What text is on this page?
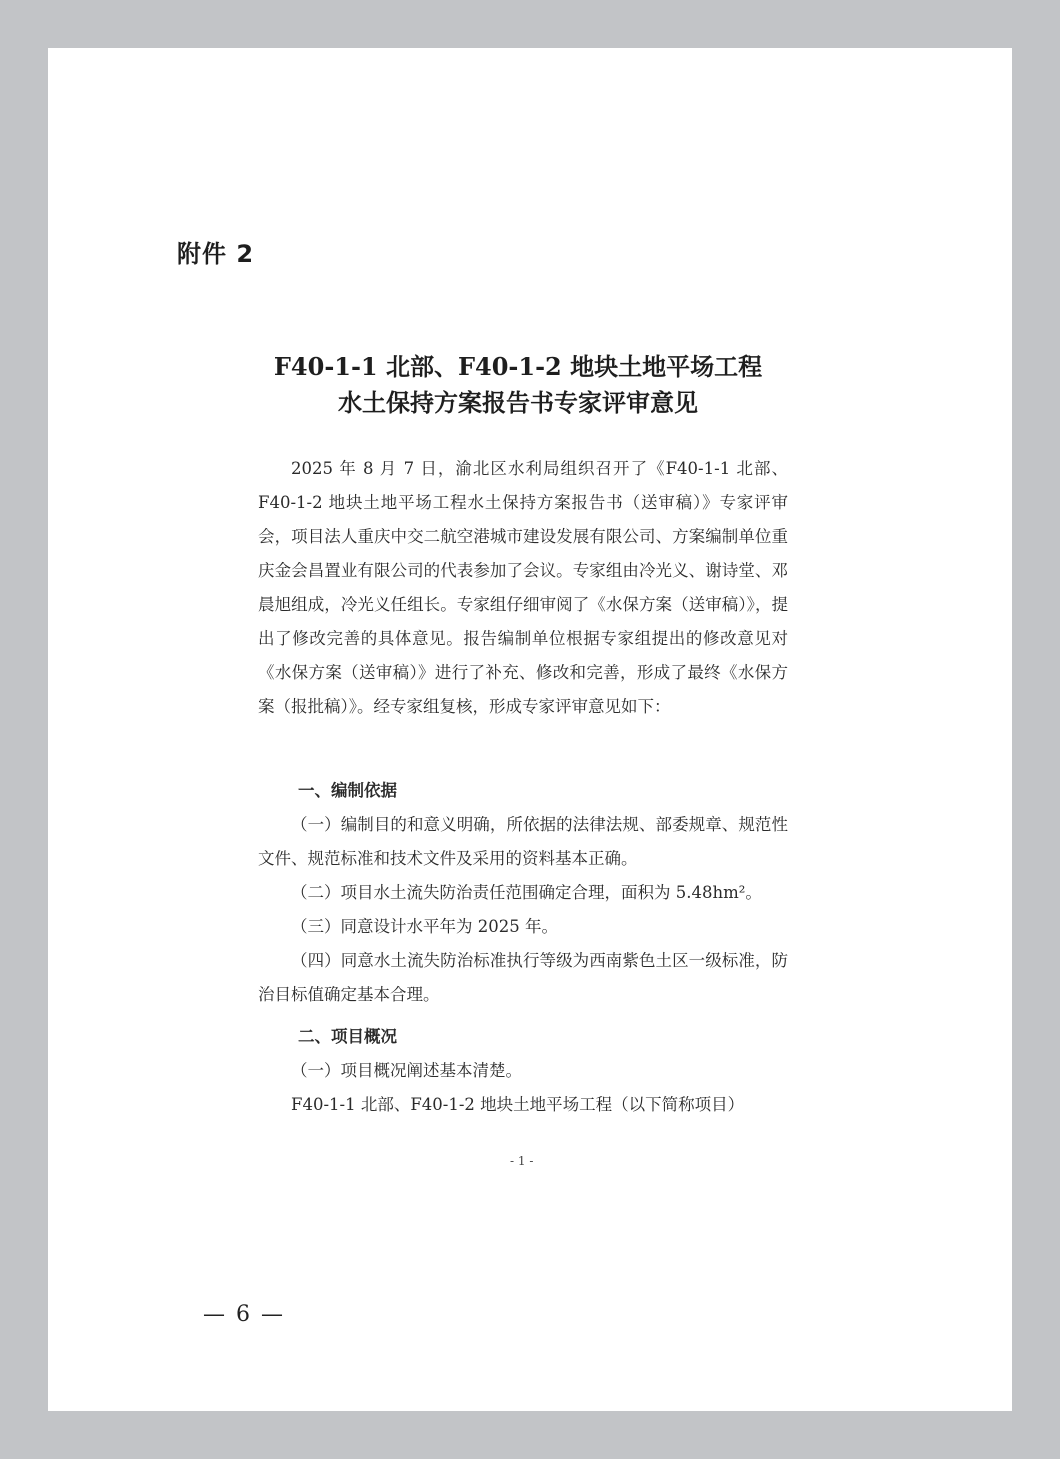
附件 2
F40-1-1 北部、F40-1-2 地块土地平场工程
水土保持方案报告书专家评审意见

2025 年 8 月 7 日，渝北区水利局组织召开了《F40-1-1 北部、F40-1-2 地块土地平场工程水土保持方案报告书（送审稿）》专家评审会，项目法人重庆中交二航空港城市建设发展有限公司、方案编制单位重庆金会昌置业有限公司的代表参加了会议。专家组由冷光义、谢诗堂、邓晨旭组成，冷光义任组长。专家组仔细审阅了《水保方案（送审稿）》，提出了修改完善的具体意见。报告编制单位根据专家组提出的修改意见对《水保方案（送审稿）》进行了补充、修改和完善，形成了最终《水保方案（报批稿）》。经专家组复核，形成专家评审意见如下：

一、编制依据

（一）编制目的和意义明确，所依据的法律法规、部委规章、规范性文件、规范标准和技术文件及采用的资料基本正确。

（二）项目水土流失防治责任范围确定合理，面积为 5.48hm²。

（三）同意设计水平年为 2025 年。

（四）同意水土流失防治标准执行等级为西南紫色土区一级标准，防治目标值确定基本合理。

二、项目概况

（一）项目概况阐述基本清楚。

F40-1-1 北部、F40-1-2 地块土地平场工程（以下简称项目）

- 1 -
— 6 —
